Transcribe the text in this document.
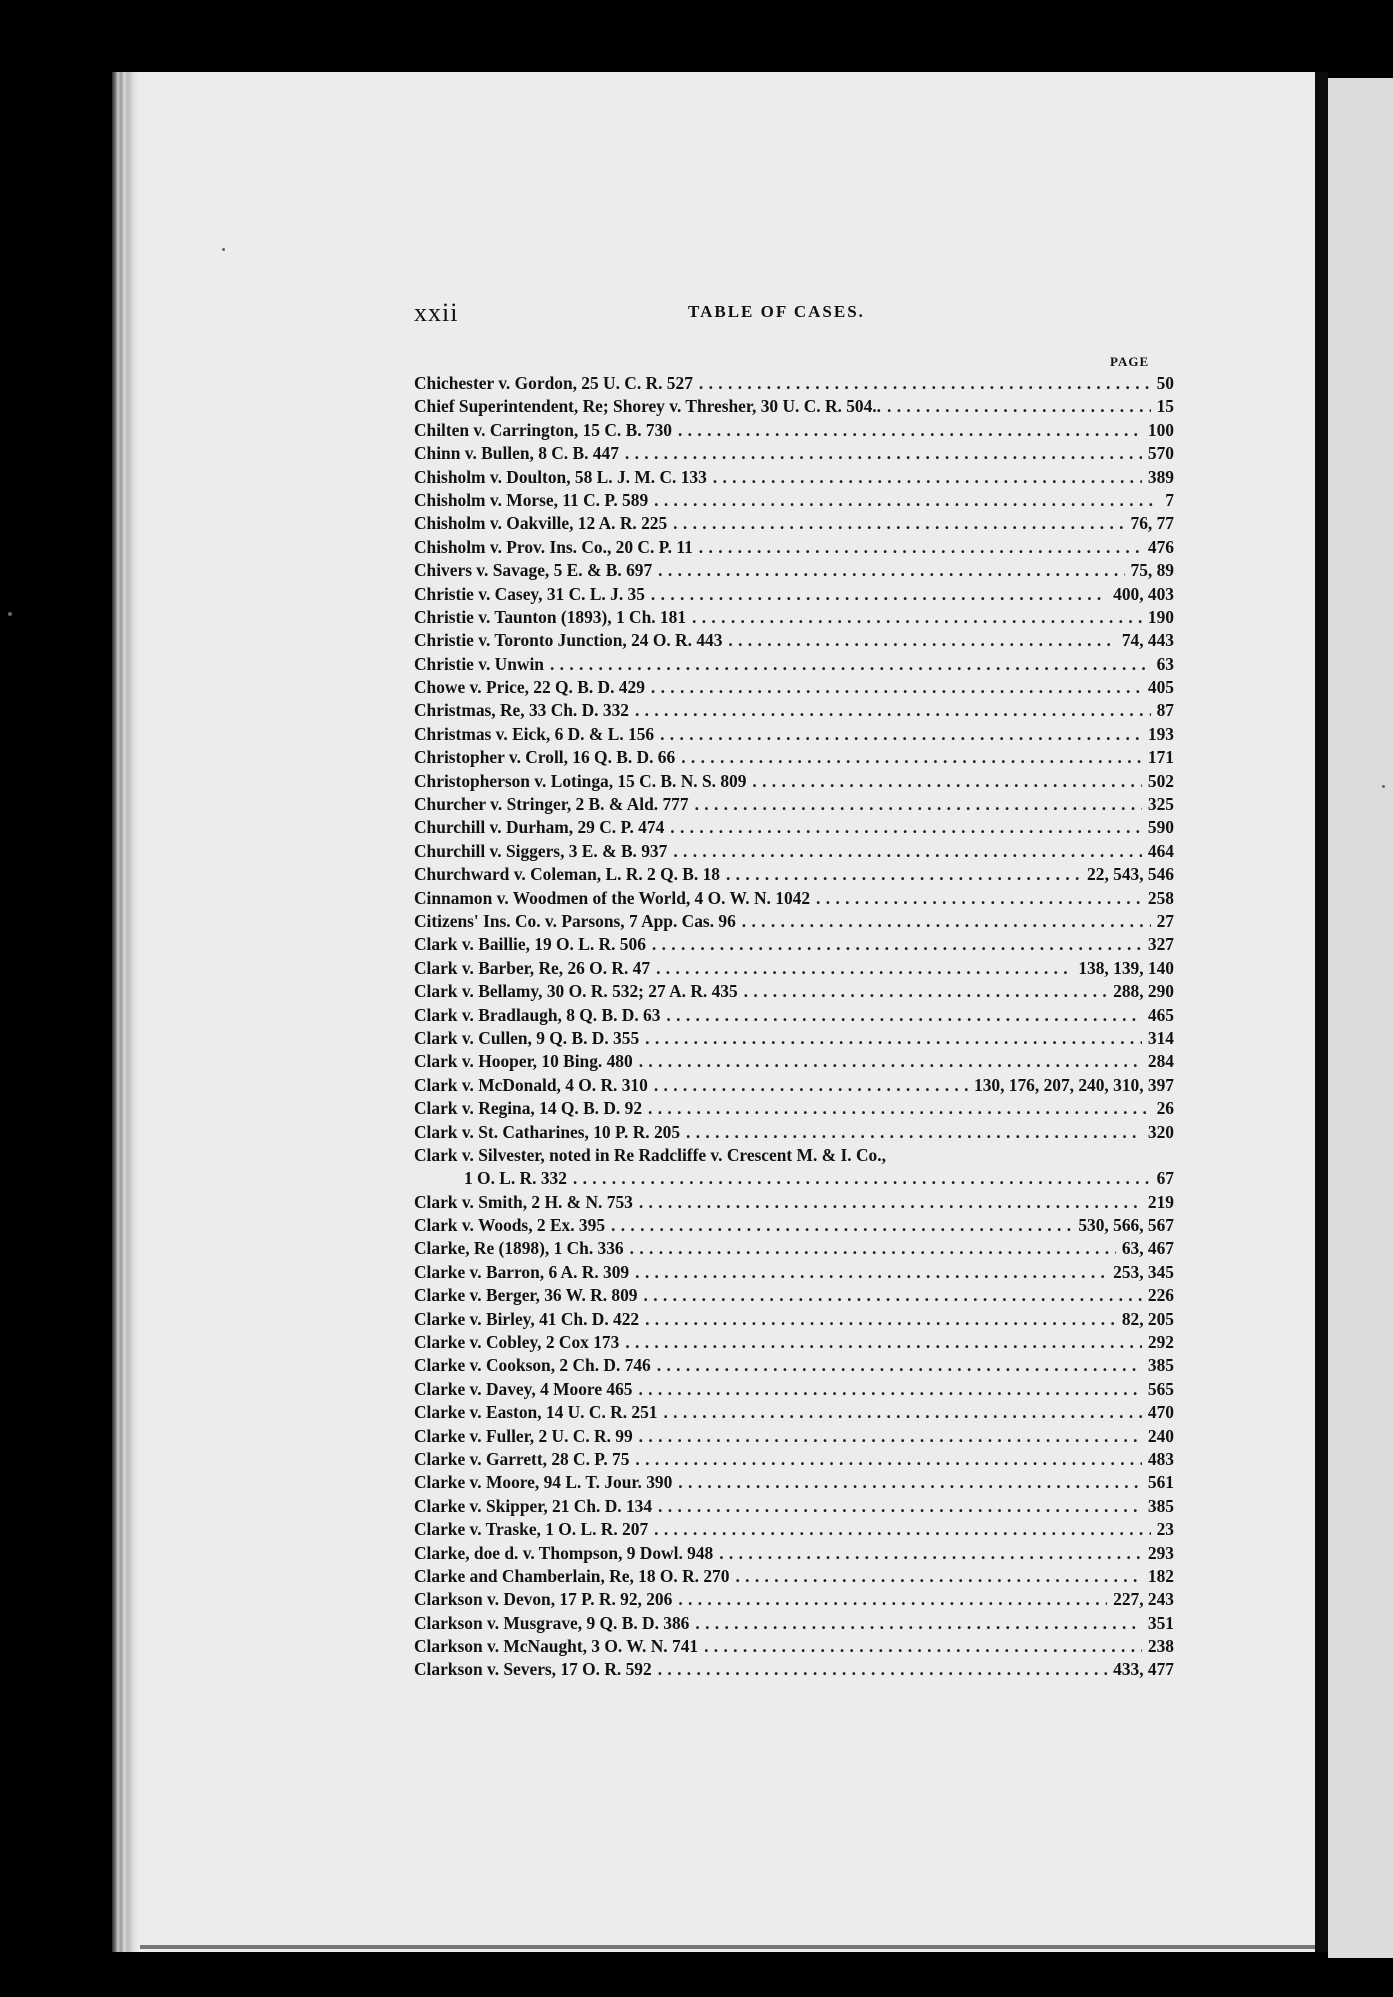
xxii	TABLE OF CASES.
PAGE
Chichester v. Gordon, 25 U. C. R. 527 . . .	50
Chief Superintendent, Re; Shorey v. Thresher, 30 U. C. R. 504.. . . .	15
Chilten v. Carrington, 15 C. B. 730 . . .	100
Chinn v. Bullen, 8 C. B. 447 . . .	570
Chisholm v. Doulton, 58 L. J. M. C. 133 . . .	389
Chisholm v. Morse, 11 C. P. 589 . . .	7
Chisholm v. Oakville, 12 A. R. 225 . . .	76, 77
Chisholm v. Prov. Ins. Co., 20 C. P. 11 . . .	476
Chivers v. Savage, 5 E. & B. 697 . . .	75, 89
Christie v. Casey, 31 C. L. J. 35 . . .	400, 403
Christie v. Taunton (1893), 1 Ch. 181 . . .	190
Christie v. Toronto Junction, 24 O. R. 443 . . .	74, 443
Christie v. Unwin . . .	63
Chowe v. Price, 22 Q. B. D. 429 . . .	405
Christmas, Re, 33 Ch. D. 332 . . .	87
Christmas v. Eick, 6 D. & L. 156 . . .	193
Christopher v. Croll, 16 Q. B. D. 66 . . .	171
Christopherson v. Lotinga, 15 C. B. N. S. 809 . . .	502
Churcher v. Stringer, 2 B. & Ald. 777 . . .	325
Churchill v. Durham, 29 C. P. 474 . . .	590
Churchill v. Siggers, 3 E. & B. 937 . . .	464
Churchward v. Coleman, L. R. 2 Q. B. 18 . . .	22, 543, 546
Cinnamon v. Woodmen of the World, 4 O. W. N. 1042 . . .	258
Citizens' Ins. Co. v. Parsons, 7 App. Cas. 96 . . .	27
Clark v. Baillie, 19 O. L. R. 506 . . .	327
Clark v. Barber, Re, 26 O. R. 47 . . .	138, 139, 140
Clark v. Bellamy, 30 O. R. 532; 27 A. R. 435 . . .	288, 290
Clark v. Bradlaugh, 8 Q. B. D. 63 . . .	465
Clark v. Cullen, 9 Q. B. D. 355 . . .	314
Clark v. Hooper, 10 Bing. 480 . . .	284
Clark v. McDonald, 4 O. R. 310 . . .	130, 176, 207, 240, 310, 397
Clark v. Regina, 14 Q. B. D. 92 . . .	26
Clark v. St. Catharines, 10 P. R. 205 . . .	320
Clark v. Silvester, noted in Re Radcliffe v. Crescent M. & I. Co.,
1 O. L. R. 332 . . .	67
Clark v. Smith, 2 H. & N. 753 . . .	219
Clark v. Woods, 2 Ex. 395 . . .	530, 566, 567
Clarke, Re (1898), 1 Ch. 336 . . .	63, 467
Clarke v. Barron, 6 A. R. 309 . . .	253, 345
Clarke v. Berger, 36 W. R. 809 . . .	226
Clarke v. Birley, 41 Ch. D. 422 . . .	82, 205
Clarke v. Cobley, 2 Cox 173 . . .	292
Clarke v. Cookson, 2 Ch. D. 746 . . .	385
Clarke v. Davey, 4 Moore 465 . . .	565
Clarke v. Easton, 14 U. C. R. 251 . . .	470
Clarke v. Fuller, 2 U. C. R. 99 . . .	240
Clarke v. Garrett, 28 C. P. 75 . . .	483
Clarke v. Moore, 94 L. T. Jour. 390 . . .	561
Clarke v. Skipper, 21 Ch. D. 134 . . .	385
Clarke v. Traske, 1 O. L. R. 207 . . .	23
Clarke, doe d. v. Thompson, 9 Dowl. 948 . . .	293
Clarke and Chamberlain, Re, 18 O. R. 270 . . .	182
Clarkson v. Devon, 17 P. R. 92, 206 . . .	227, 243
Clarkson v. Musgrave, 9 Q. B. D. 386 . . .	351
Clarkson v. McNaught, 3 O. W. N. 741 . . .	238
Clarkson v. Severs, 17 O. R. 592 . . .	433, 477
